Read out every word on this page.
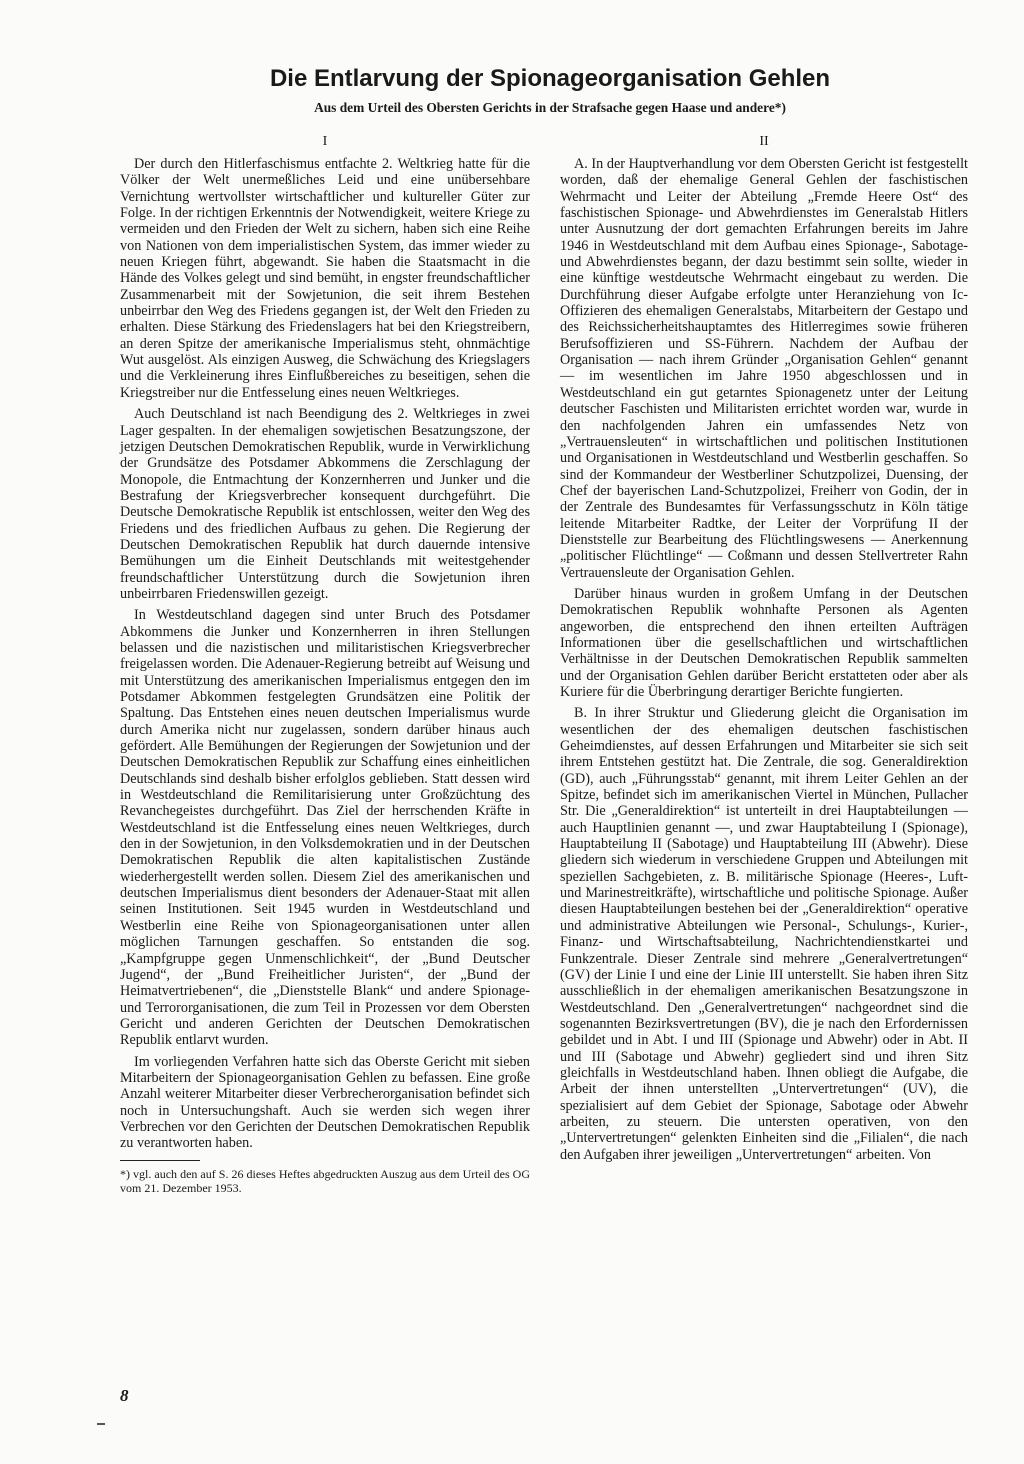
Die Entlarvung der Spionageorganisation Gehlen
Aus dem Urteil des Obersten Gerichts in der Strafsache gegen Haase und andere*)
I

Der durch den Hitlerfaschismus entfachte 2. Weltkrieg hatte für die Völker der Welt unermeßliches Leid und eine unübersehbare Vernichtung wertvollster wirtschaftlicher und kultureller Güter zur Folge. In der richtigen Erkenntnis der Notwendigkeit, weitere Kriege zu vermeiden und den Frieden der Welt zu sichern, haben sich eine Reihe von Nationen von dem imperialistischen System, das immer wieder zu neuen Kriegen führt, abgewandt. Sie haben die Staatsmacht in die Hände des Volkes gelegt und sind bemüht, in engster freundschaftlicher Zusammenarbeit mit der Sowjetunion, die seit ihrem Bestehen unbeirrbar den Weg des Friedens gegangen ist, der Welt den Frieden zu erhalten. Diese Stärkung des Friedenslagers hat bei den Kriegstreibern, an deren Spitze der amerikanische Imperialismus steht, ohnmächtige Wut ausgelöst. Als einzigen Ausweg, die Schwächung des Kriegslagers und die Verkleinerung ihres Einflußbereiches zu beseitigen, sehen die Kriegstreiber nur die Entfesselung eines neuen Weltkrieges.

Auch Deutschland ist nach Beendigung des 2. Weltkrieges in zwei Lager gespalten. In der ehemaligen sowjetischen Besatzungszone, der jetzigen Deutschen Demokratischen Republik, wurde in Verwirklichung der Grundsätze des Potsdamer Abkommens die Zerschlagung der Monopole, die Entmachtung der Konzernherren und Junker und die Bestrafung der Kriegsverbrecher konsequent durchgeführt. Die Deutsche Demokratische Republik ist entschlossen, weiter den Weg des Friedens und des friedlichen Aufbaus zu gehen. Die Regierung der Deutschen Demokratischen Republik hat durch dauernde intensive Bemühungen um die Einheit Deutschlands mit weitestgehender freundschaftlicher Unterstützung durch die Sowjetunion ihren unbeirrbaren Friedenswillen gezeigt.

In Westdeutschland dagegen sind unter Bruch des Potsdamer Abkommens die Junker und Konzernherren in ihren Stellungen belassen und die nazistischen und militaristischen Kriegsverbrecher freigelassen worden. Die Adenauer-Regierung betreibt auf Weisung und mit Unterstützung des amerikanischen Imperialismus entgegen den im Potsdamer Abkommen festgelegten Grundsätzen eine Politik der Spaltung. Das Entstehen eines neuen deutschen Imperialismus wurde durch Amerika nicht nur zugelassen, sondern darüber hinaus auch gefördert. Alle Bemühungen der Regierungen der Sowjetunion und der Deutschen Demokratischen Republik zur Schaffung eines einheitlichen Deutschlands sind deshalb bisher erfolglos geblieben. Statt dessen wird in Westdeutschland die Remilitarisierung unter Großzüchtung des Revanchegeistes durchgeführt. Das Ziel der herrschenden Kräfte in Westdeutschland ist die Entfesselung eines neuen Weltkrieges, durch den in der Sowjetunion, in den Volksdemokratien und in der Deutschen Demokratischen Republik die alten kapitalistischen Zustände wiederhergestellt werden sollen. Diesem Ziel des amerikanischen und deutschen Imperialismus dient besonders der Adenauer-Staat mit allen seinen Institutionen. Seit 1945 wurden in Westdeutschland und Westberlin eine Reihe von Spionageorganisationen unter allen möglichen Tarnungen geschaffen. So entstanden die sog. „Kampfgruppe gegen Unmenschlichkeit“, der „Bund Deutscher Jugend“, der „Bund Freiheitlicher Juristen“, der „Bund der Heimatvertriebenen“, die „Dienststelle Blank“ und andere Spionage- und Terrororganisationen, die zum Teil in Prozessen vor dem Obersten Gericht und anderen Gerichten der Deutschen Demokratischen Republik entlarvt wurden.

Im vorliegenden Verfahren hatte sich das Oberste Gericht mit sieben Mitarbeitern der Spionageorganisation Gehlen zu befassen. Eine große Anzahl weiterer Mitarbeiter dieser Verbrecherorganisation befindet sich noch in Untersuchungshaft. Auch sie werden sich wegen ihrer Verbrechen vor den Gerichten der Deutschen Demokratischen Republik zu verantworten haben.

*) vgl. auch den auf S. 26 dieses Heftes abgedruckten Auszug aus dem Urteil des OG vom 21. Dezember 1953.

II

A. In der Hauptverhandlung vor dem Obersten Gericht ist festgestellt worden, daß der ehemalige General Gehlen der faschistischen Wehrmacht und Leiter der Abteilung „Fremde Heere Ost“ des faschistischen Spionage- und Abwehrdienstes im Generalstab Hitlers unter Ausnutzung der dort gemachten Erfahrungen bereits im Jahre 1946 in Westdeutschland mit dem Aufbau eines Spionage-, Sabotage- und Abwehrdienstes begann, der dazu bestimmt sein sollte, wieder in eine künftige westdeutsche Wehrmacht eingebaut zu werden. Die Durchführung dieser Aufgabe erfolgte unter Heranziehung von Ic-Offizieren des ehemaligen Generalstabs, Mitarbeitern der Gestapo und des Reichssicherheitshauptamtes des Hitlerregimes sowie früheren Berufsoffizieren und SS-Führern. Nachdem der Aufbau der Organisation — nach ihrem Gründer „Organisation Gehlen“ genannt — im wesentlichen im Jahre 1950 abgeschlossen und in Westdeutschland ein gut getarntes Spionagenetz unter der Leitung deutscher Faschisten und Militaristen errichtet worden war, wurde in den nachfolgenden Jahren ein umfassendes Netz von „Vertrauensleuten“ in wirtschaftlichen und politischen Institutionen und Organisationen in Westdeutschland und Westberlin geschaffen. So sind der Kommandeur der Westberliner Schutzpolizei, Duensing, der Chef der bayerischen Land-Schutzpolizei, Freiherr von Godin, der in der Zentrale des Bundesamtes für Verfassungsschutz in Köln tätige leitende Mitarbeiter Radtke, der Leiter der Vorprüfung II der Dienststelle zur Bearbeitung des Flüchtlingswesens — Anerkennung „politischer Flüchtlinge“ — Coßmann und dessen Stellvertreter Rahn Vertrauensleute der Organisation Gehlen.

Darüber hinaus wurden in großem Umfang in der Deutschen Demokratischen Republik wohnhafte Personen als Agenten angeworben, die entsprechend den ihnen erteilten Aufträgen Informationen über die gesellschaftlichen und wirtschaftlichen Verhältnisse in der Deutschen Demokratischen Republik sammelten und der Organisation Gehlen darüber Bericht erstatteten oder aber als Kuriere für die Überbringung derartiger Berichte fungierten.

B. In ihrer Struktur und Gliederung gleicht die Organisation im wesentlichen der des ehemaligen deutschen faschistischen Geheimdienstes, auf dessen Erfahrungen und Mitarbeiter sie sich seit ihrem Entstehen gestützt hat. Die Zentrale, die sog. Generaldirektion (GD), auch „Führungsstab“ genannt, mit ihrem Leiter Gehlen an der Spitze, befindet sich im amerikanischen Viertel in München, Pullacher Str. Die „Generaldirektion“ ist unterteilt in drei Hauptabteilungen — auch Hauptlinien genannt —, und zwar Hauptabteilung I (Spionage), Hauptabteilung II (Sabotage) und Hauptabteilung III (Abwehr). Diese gliedern sich wiederum in verschiedene Gruppen und Abteilungen mit speziellen Sachgebieten, z. B. militärische Spionage (Heeres-, Luft- und Marinestreitkräfte), wirtschaftliche und politische Spionage. Außer diesen Hauptabteilungen bestehen bei der „Generaldirektion“ operative und administrative Abteilungen wie Personal-, Schulungs-, Kurier-, Finanz- und Wirtschaftsabteilung, Nachrichtendienstkartei und Funkzentrale. Dieser Zentrale sind mehrere „Generalvertretungen“ (GV) der Linie I und eine der Linie III unterstellt. Sie haben ihren Sitz ausschließlich in der ehemaligen amerikanischen Besatzungszone in Westdeutschland. Den „Generalvertretungen“ nachgeordnet sind die sogenannten Bezirksvertretungen (BV), die je nach den Erfordernissen gebildet und in Abt. I und III (Spionage und Abwehr) oder in Abt. II und III (Sabotage und Abwehr) gegliedert sind und ihren Sitz gleichfalls in Westdeutschland haben. Ihnen obliegt die Aufgabe, die Arbeit der ihnen unterstellten „Untervertretungen“ (UV), die spezialisiert auf dem Gebiet der Spionage, Sabotage oder Abwehr arbeiten, zu steuern. Die untersten operativen, von den „Untervertretungen“ gelenkten Einheiten sind die „Filialen“, die nach den Aufgaben ihrer jeweiligen „Untervertretungen“ arbeiten. Von

8
